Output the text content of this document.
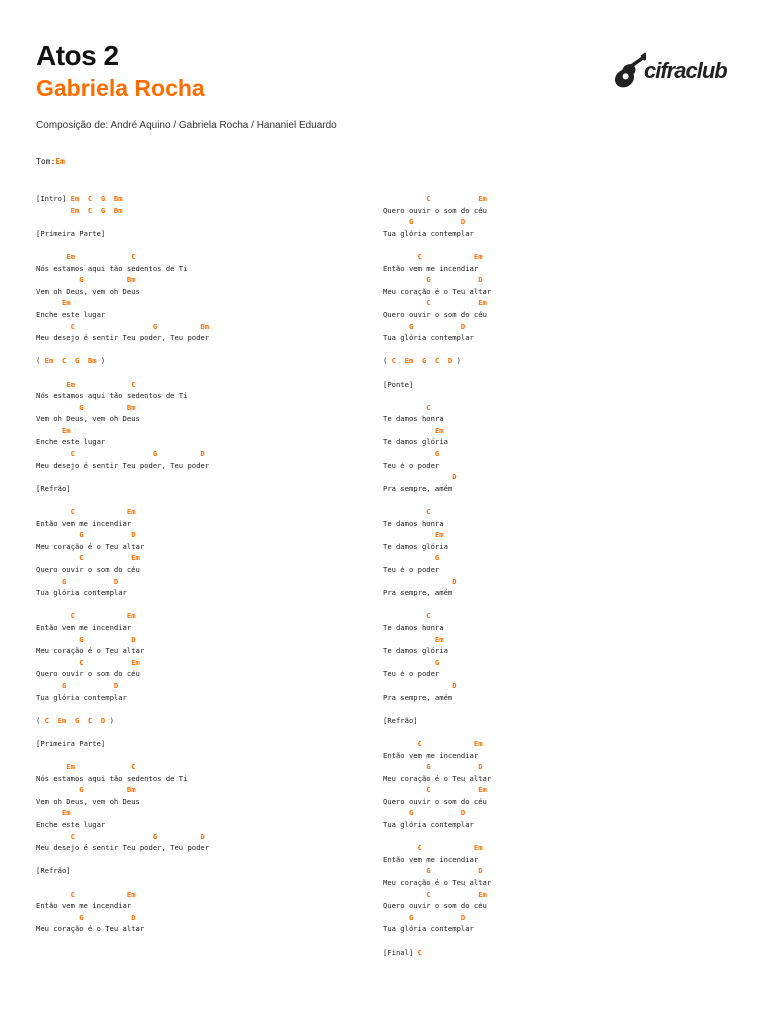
Atos 2
Gabriela Rocha
Composição de: André Aquino / Gabriela Rocha / Hananiel Eduardo
Tom:Em
cifraclub
[Intro] Em  C  G  Bm
Em  C  G  Bm
[Primeira Parte]
Em             C
Nós estamos aqui tão sedentos de Ti
G          Bm
Vem oh Deus, vem oh Deus
Em
Enche este lugar
C                  G          Bm
Meu desejo é sentir Teu poder, Teu poder
( Em  C  G  Bm )
Em             C
Nós estamos aqui tão sedentos de Ti
G          Bm
Vem oh Deus, vem oh Deus
Em
Enche este lugar
C                  G          D
Meu desejo é sentir Teu poder, Teu poder
[Refrão]
C            Em
Então vem me incendiar
G           D
Meu coração é o Teu altar
C           Em
Quero ouvir o som do céu
G           D
Tua glória contemplar
C            Em
Então vem me incendiar
G           D
Meu coração é o Teu altar
C           Em
Quero ouvir o som do céu
G           D
Tua glória contemplar
( C  Em  G  C  D )
[Primeira Parte]
Em             C
Nós estamos aqui tão sedentos de Ti
G          Bm
Vem oh Deus, vem oh Deus
Em
Enche este lugar
C                  G          D
Meu desejo é sentir Teu poder, Teu poder
[Refrão]
C            Em
Então vem me incendiar
G           D
Meu coração é o Teu altar
C           Em
Quero ouvir o som do céu
G           D
Tua glória contemplar
C            Em
Então vem me incendiar
G           D
Meu coração é o Teu altar
C           Em
Quero ouvir o som do céu
G           D
Tua glória contemplar
( C  Em  G  C  D )
[Ponte]
C
Te damos honra
Em
Te damos glória
G
Teu é o poder
D
Pra sempre, amém
C
Te damos honra
Em
Te damos glória
G
Teu é o poder
D
Pra sempre, amém
C
Te damos honra
Em
Te damos glória
G
Teu é o poder
D
Pra sempre, amém
[Refrão]
C            Em
Então vem me incendiar
G           D
Meu coração é o Teu altar
C           Em
Quero ouvir o som do céu
G           D
Tua glória contemplar
C            Em
Então vem me incendiar
G           D
Meu coração é o Teu altar
C           Em
Quero ouvir o som do céu
G           D
Tua glória contemplar
[Final] C
